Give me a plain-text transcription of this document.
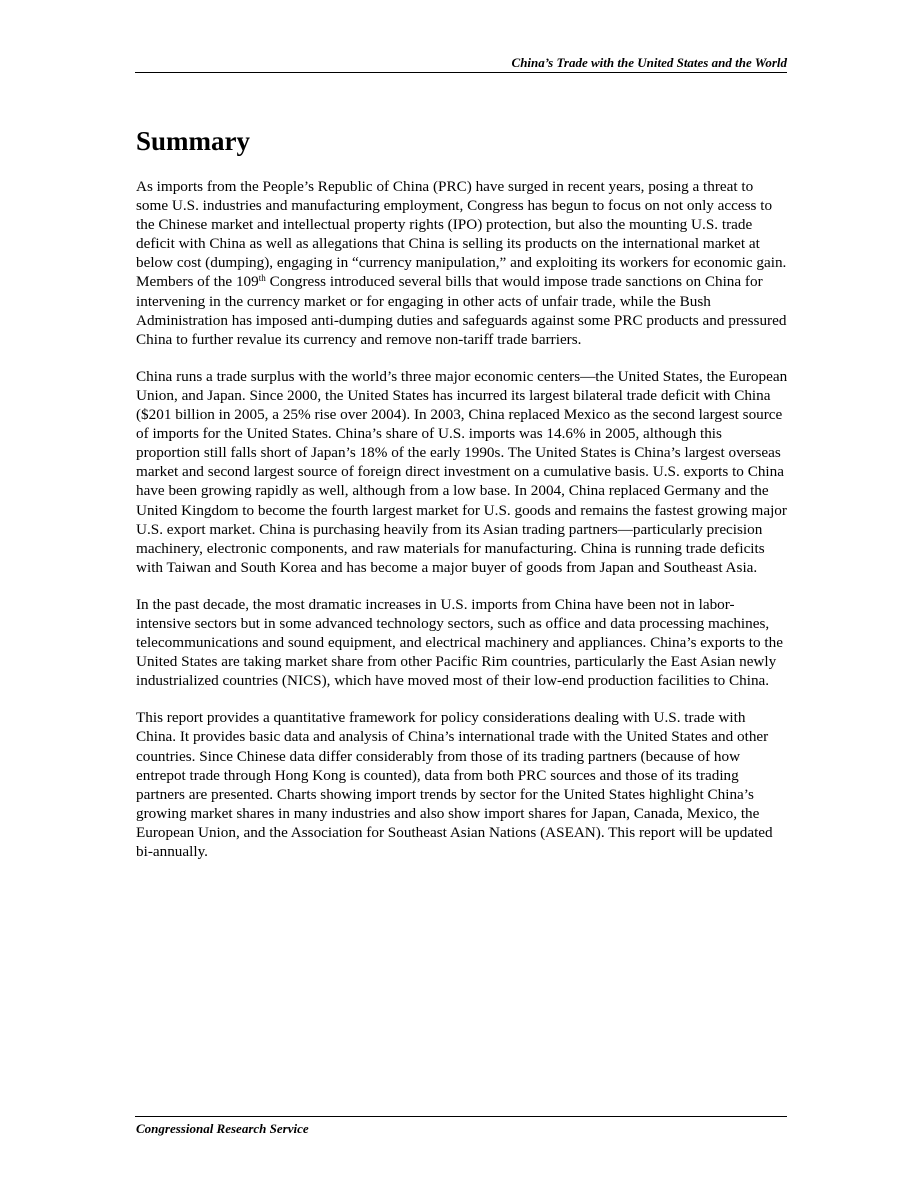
China’s Trade with the United States and the World
Summary

As imports from the People’s Republic of China (PRC) have surged in recent years, posing a threat to some U.S. industries and manufacturing employment, Congress has begun to focus on not only access to the Chinese market and intellectual property rights (IPO) protection, but also the mounting U.S. trade deficit with China as well as allegations that China is selling its products on the international market at below cost (dumping), engaging in “currency manipulation,” and exploiting its workers for economic gain. Members of the 109th Congress introduced several bills that would impose trade sanctions on China for intervening in the currency market or for engaging in other acts of unfair trade, while the Bush Administration has imposed anti-dumping duties and safeguards against some PRC products and pressured China to further revalue its currency and remove non-tariff trade barriers.

China runs a trade surplus with the world’s three major economic centers—the United States, the European Union, and Japan. Since 2000, the United States has incurred its largest bilateral trade deficit with China ($201 billion in 2005, a 25% rise over 2004). In 2003, China replaced Mexico as the second largest source of imports for the United States. China’s share of U.S. imports was 14.6% in 2005, although this proportion still falls short of Japan’s 18% of the early 1990s. The United States is China’s largest overseas market and second largest source of foreign direct investment on a cumulative basis. U.S. exports to China have been growing rapidly as well, although from a low base. In 2004, China replaced Germany and the United Kingdom to become the fourth largest market for U.S. goods and remains the fastest growing major U.S. export market. China is purchasing heavily from its Asian trading partners—particularly precision machinery, electronic components, and raw materials for manufacturing. China is running trade deficits with Taiwan and South Korea and has become a major buyer of goods from Japan and Southeast Asia.

In the past decade, the most dramatic increases in U.S. imports from China have been not in labor-intensive sectors but in some advanced technology sectors, such as office and data processing machines, telecommunications and sound equipment, and electrical machinery and appliances. China’s exports to the United States are taking market share from other Pacific Rim countries, particularly the East Asian newly industrialized countries (NICS), which have moved most of their low-end production facilities to China.

This report provides a quantitative framework for policy considerations dealing with U.S. trade with China. It provides basic data and analysis of China’s international trade with the United States and other countries. Since Chinese data differ considerably from those of its trading partners (because of how entrepot trade through Hong Kong is counted), data from both PRC sources and those of its trading partners are presented. Charts showing import trends by sector for the United States highlight China’s growing market shares in many industries and also show import shares for Japan, Canada, Mexico, the European Union, and the Association for Southeast Asian Nations (ASEAN). This report will be updated bi-annually.

Congressional Research Service
